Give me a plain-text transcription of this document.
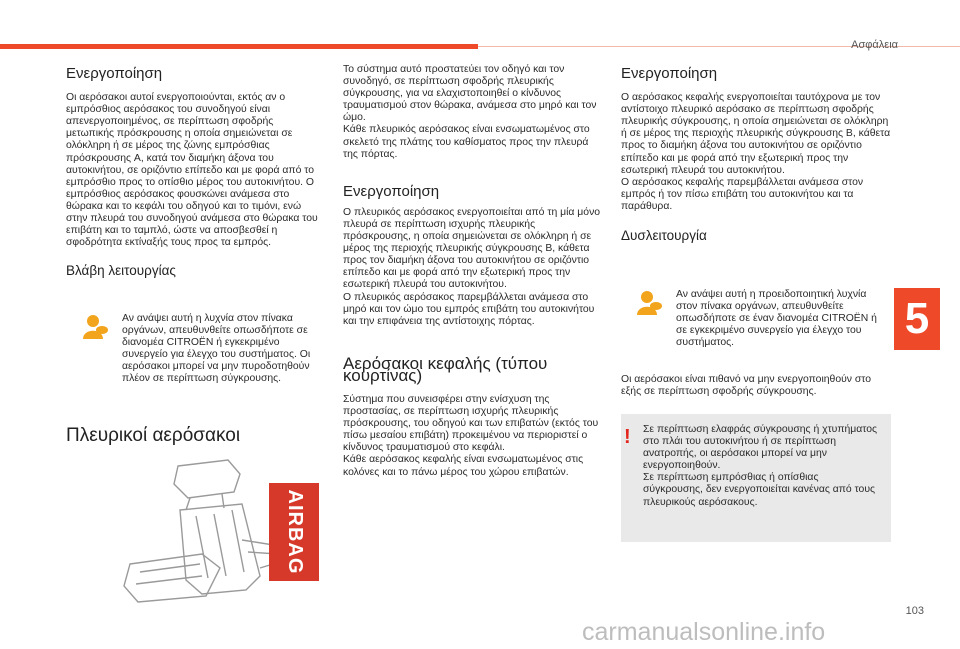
Ασφάλεια
5
103
Ενεργοποίηση

Οι αερόσακοι αυτοί ενεργοποιούνται, εκτός αν ο εμπρόσθιος αερόσακος του συνοδηγού είναι απενεργοποιημένος, σε περίπτωση σφοδρής μετωπικής πρόσκρουσης η οποία σημειώνεται σε ολόκληρη ή σε μέρος της ζώνης εμπρόσθιας πρόσκρουσης A, κατά τον διαμήκη άξονα του αυτοκινήτου, σε οριζόντιο επίπεδο και με φορά από το εμπρόσθιο προς το οπίσθιο μέρος του αυτοκινήτου. Ο εμπρόσθιος αερόσακος φουσκώνει ανάμεσα στο θώρακα και το κεφάλι του οδηγού και το τιμόνι, ενώ στην πλευρά του συνοδηγού ανάμεσα στο θώρακα του επιβάτη και το ταμπλό, ώστε να αποσβεσθεί η σφοδρότητα εκτίναξής τους προς τα εμπρός.

Βλάβη λειτουργίας
Αν ανάψει αυτή η λυχνία στον πίνακα οργάνων, απευθυνθείτε οπωσδήποτε σε διανομέα CITROËN ή εγκεκριμένο συνεργείο για έλεγχο του συστήματος. Οι αερόσακοι μπορεί να μην πυροδοτηθούν πλέον σε περίπτωση σύγκρουσης.
Πλευρικοί αερόσακοι
AIRBAG

Το σύστημα αυτό προστατεύει τον οδηγό και τον συνοδηγό, σε περίπτωση σφοδρής πλευρικής σύγκρουσης, για να ελαχιστοποιηθεί ο κίνδυνος τραυματισμού στον θώρακα, ανάμεσα στο μηρό και τον ώμο.

Κάθε πλευρικός αερόσακος είναι ενσωματωμένος στο σκελετό της πλάτης του καθίσματος προς την πλευρά της πόρτας.

Ενεργοποίηση

Ο πλευρικός αερόσακος ενεργοποιείται από τη μία μόνο πλευρά σε περίπτωση ισχυρής πλευρικής πρόσκρουσης, η οποία σημειώνεται σε ολόκληρη ή σε μέρος της περιοχής πλευρικής σύγκρουσης B, κάθετα προς τον διαμήκη άξονα του αυτοκινήτου σε οριζόντιο επίπεδο και με φορά από την εξωτερική προς την εσωτερική πλευρά του αυτοκινήτου.

Ο πλευρικός αερόσακος παρεμβάλλεται ανάμεσα στο μηρό και τον ώμο του εμπρός επιβάτη του αυτοκινήτου και την επιφάνεια της αντίστοιχης πόρτας.

Αερόσακοι κεφαλής (τύπου κουρτίνας)

Σύστημα που συνεισφέρει στην ενίσχυση της προστασίας, σε περίπτωση ισχυρής πλευρικής πρόσκρουσης, του οδηγού και των επιβατών (εκτός του πίσω μεσαίου επιβάτη) προκειμένου να περιοριστεί ο κίνδυνος τραυματισμού στο κεφάλι.

Κάθε αερόσακος κεφαλής είναι ενσωματωμένος στις κολόνες και το πάνω μέρος του χώρου επιβατών.

Ενεργοποίηση

Ο αερόσακος κεφαλής ενεργοποιείται ταυτόχρονα με τον αντίστοιχο πλευρικό αερόσακο σε περίπτωση σφοδρής πλευρικής σύγκρουσης, η οποία σημειώνεται σε ολόκληρη ή σε μέρος της περιοχής πλευρικής σύγκρουσης B, κάθετα προς το διαμήκη άξονα του αυτοκινήτου σε οριζόντιο επίπεδο και με φορά από την εξωτερική προς την εσωτερική πλευρά του αυτοκινήτου.

Ο αερόσακος κεφαλής παρεμβάλλεται ανάμεσα στον εμπρός ή τον πίσω επιβάτη του αυτοκινήτου και τα παράθυρα.

Δυσλειτουργία
Αν ανάψει αυτή η προειδοποιητική λυχνία στον πίνακα οργάνων, απευθυνθείτε οπωσδήποτε σε έναν διανομέα CITROËN ή σε εγκεκριμένο συνεργείο για έλεγχο του συστήματος.
Οι αερόσακοι είναι πιθανό να μην ενεργοποιηθούν στο εξής σε περίπτωση σφοδρής σύγκρουσης.
!	Σε περίπτωση ελαφράς σύγκρουσης ή χτυπήματος στο πλάι του αυτοκινήτου ή σε περίπτωση ανατροπής, οι αερόσακοι μπορεί να μην ενεργοποιηθούν.

Σε περίπτωση εμπρόσθιας ή οπίσθιας σύγκρουσης, δεν ενεργοποιείται κανένας από τους πλευρικούς αερόσακους.

carmanualsonline.info
